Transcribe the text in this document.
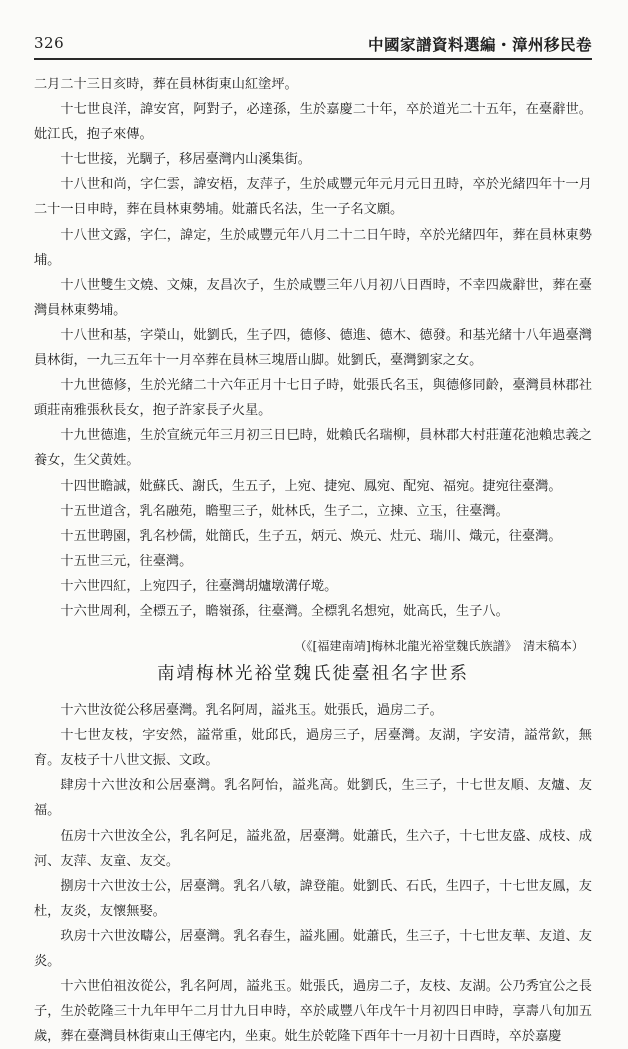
326	中國家譜資料選編・漳州移民卷

二月二十三日亥時，葬在員林街東山紅塗坪。

十七世良洋，諱安宮，阿對子，必達孫，生於嘉慶二十年，卒於道光二十五年，在臺辭世。妣江氏，抱子來傳。

十七世接，光騆子，移居臺灣内山溪集街。

十八世和尚，字仁雲，諱安梧，友萍子，生於咸豐元年元月元日丑時，卒於光緒四年十一月二十一日申時，葬在員林東勢埔。妣蕭氏名法，生一子名文願。

十八世文露，字仁，諱定，生於咸豐元年八月二十二日午時，卒於光緒四年，葬在員林東勢埔。

十八世雙生文燒、文煉，友昌次子，生於咸豐三年八月初八日酉時，不幸四歲辭世，葬在臺灣員林東勢埔。

十八世和基，字榮山，妣劉氏，生子四，德修、德進、德木、德發。和基光緒十八年過臺灣員林街，一九三五年十一月卒葬在員林三塊厝山脚。妣劉氏，臺灣劉家之女。

十九世德修，生於光緒二十六年正月十七日子時，妣張氏名玉，與德修同齡，臺灣員林郡社頭莊南雅張秋長女，抱子許家長子火星。

十九世德進，生於宣統元年三月初三日巳時，妣賴氏名瑞柳，員林郡大村莊蓮花池賴忠義之養女，生父黄姓。

十四世瞻誠，妣蘇氏、謝氏，生五子，上宛、捷宛、鳳宛、配宛、福宛。捷宛往臺灣。

十五世道含，乳名融苑，瞻聖三子，妣林氏，生子二，立揀、立玉，往臺灣。

十五世聘園，乳名杪儒，妣簡氏，生子五，炳元、焕元、灶元、瑞川、熾元，往臺灣。

十五世三元，往臺灣。

十六世四紅，上宛四子，往臺灣胡爐墩溝仔墘。

十六世周利，全標五子，瞻嶺孫，往臺灣。全標乳名想宛，妣高氏，生子八。

（《[福建南靖]梅林北龍光裕堂魏氏族譜》　清末稿本）

南靖梅林光裕堂魏氏徙臺祖名字世系

十六世汝從公移居臺灣。乳名阿周，謚兆玉。妣張氏，過房二子。

十七世友枝，字安然，謚常重，妣邱氏，過房三子，居臺灣。友湖，字安清，謚常欽，無育。友枝子十八世文振、文政。

肆房十六世汝和公居臺灣。乳名阿怡，謚兆高。妣劉氏，生三子，十七世友順、友爐、友福。

伍房十六世汝全公，乳名阿足，謚兆盈，居臺灣。妣蕭氏，生六子，十七世友盛、成枝、成河、友萍、友童、友交。

捌房十六世汝士公，居臺灣。乳名八敏，諱登龍。妣劉氏、石氏，生四子，十七世友鳳，友杜，友炎，友懷無娶。

玖房十六世汝疇公，居臺灣。乳名春生，謚兆圃。妣蕭氏，生三子，十七世友華、友道、友炎。

十六世伯祖汝從公，乳名阿周，謚兆玉。妣張氏，過房二子，友枝、友湖。公乃秀宜公之長子，生於乾隆三十九年甲午二月廿九日申時，卒於咸豐八年戊午十月初四日申時，享壽八旬加五歲，葬在臺灣員林街東山王傳宅内，坐東。妣生於乾隆下酉年十一月初十日酉時，卒於嘉慶
